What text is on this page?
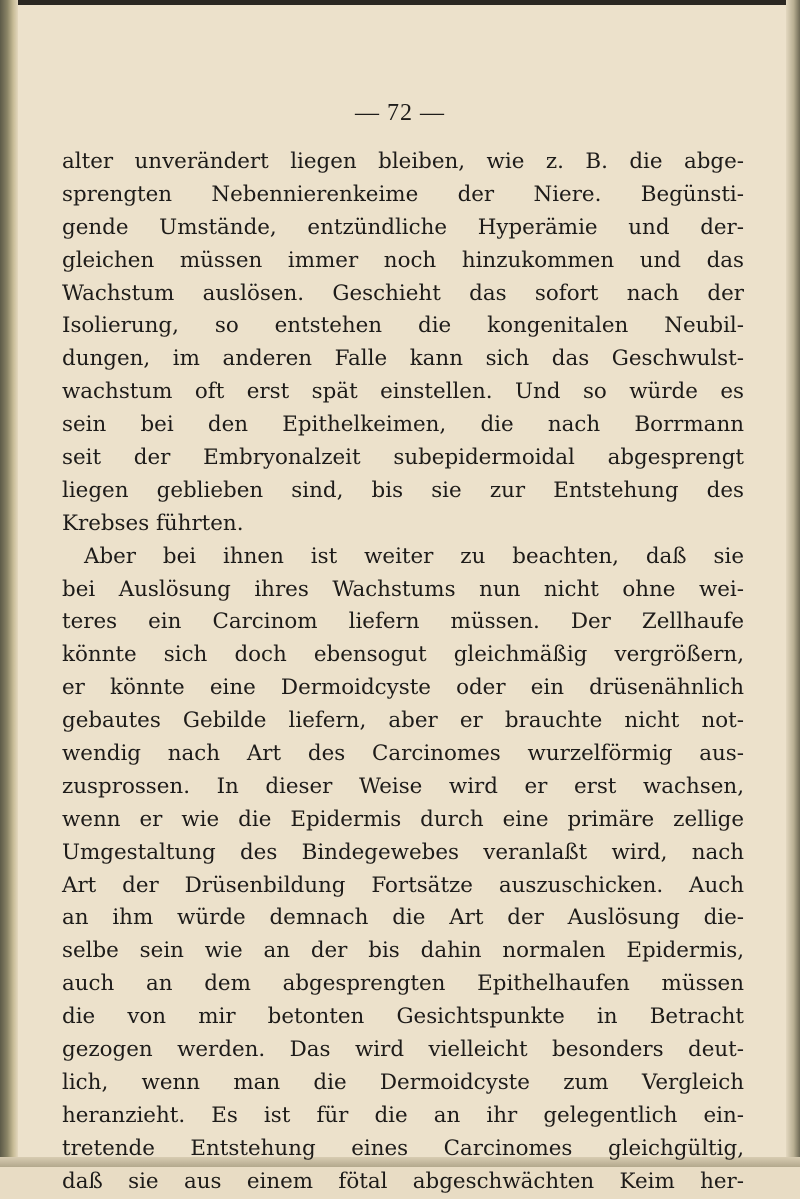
— 72 —
alter unverändert liegen bleiben, wie z. B. die abge-
sprengten Nebennierenkeime der Niere. Begünsti-
gende Umstände, entzündliche Hyperämie und der-
gleichen müssen immer noch hinzukommen und das
Wachstum auslösen. Geschieht das sofort nach der
Isolierung, so entstehen die kongenitalen Neubil-
dungen, im anderen Falle kann sich das Geschwulst-
wachstum oft erst spät einstellen. Und so würde es
sein bei den Epithelkeimen, die nach Borrmann
seit der Embryonalzeit subepidermoidal abgesprengt
liegen geblieben sind, bis sie zur Entstehung des
Krebses führten.
Aber bei ihnen ist weiter zu beachten, daß sie
bei Auslösung ihres Wachstums nun nicht ohne wei-
teres ein Carcinom liefern müssen. Der Zellhaufe
könnte sich doch ebensogut gleichmäßig vergrößern,
er könnte eine Dermoidcyste oder ein drüsenähnlich
gebautes Gebilde liefern, aber er brauchte nicht not-
wendig nach Art des Carcinomes wurzelförmig aus-
zusprossen. In dieser Weise wird er erst wachsen,
wenn er wie die Epidermis durch eine primäre zellige
Umgestaltung des Bindegewebes veranlaßt wird, nach
Art der Drüsenbildung Fortsätze auszuschicken. Auch
an ihm würde demnach die Art der Auslösung die-
selbe sein wie an der bis dahin normalen Epidermis,
auch an dem abgesprengten Epithelhaufen müssen
die von mir betonten Gesichtspunkte in Betracht
gezogen werden. Das wird vielleicht besonders deut-
lich, wenn man die Dermoidcyste zum Vergleich
heranzieht. Es ist für die an ihr gelegentlich ein-
tretende Entstehung eines Carcinomes gleichgültig,
daß sie aus einem fötal abgeschwächten Keim her-
